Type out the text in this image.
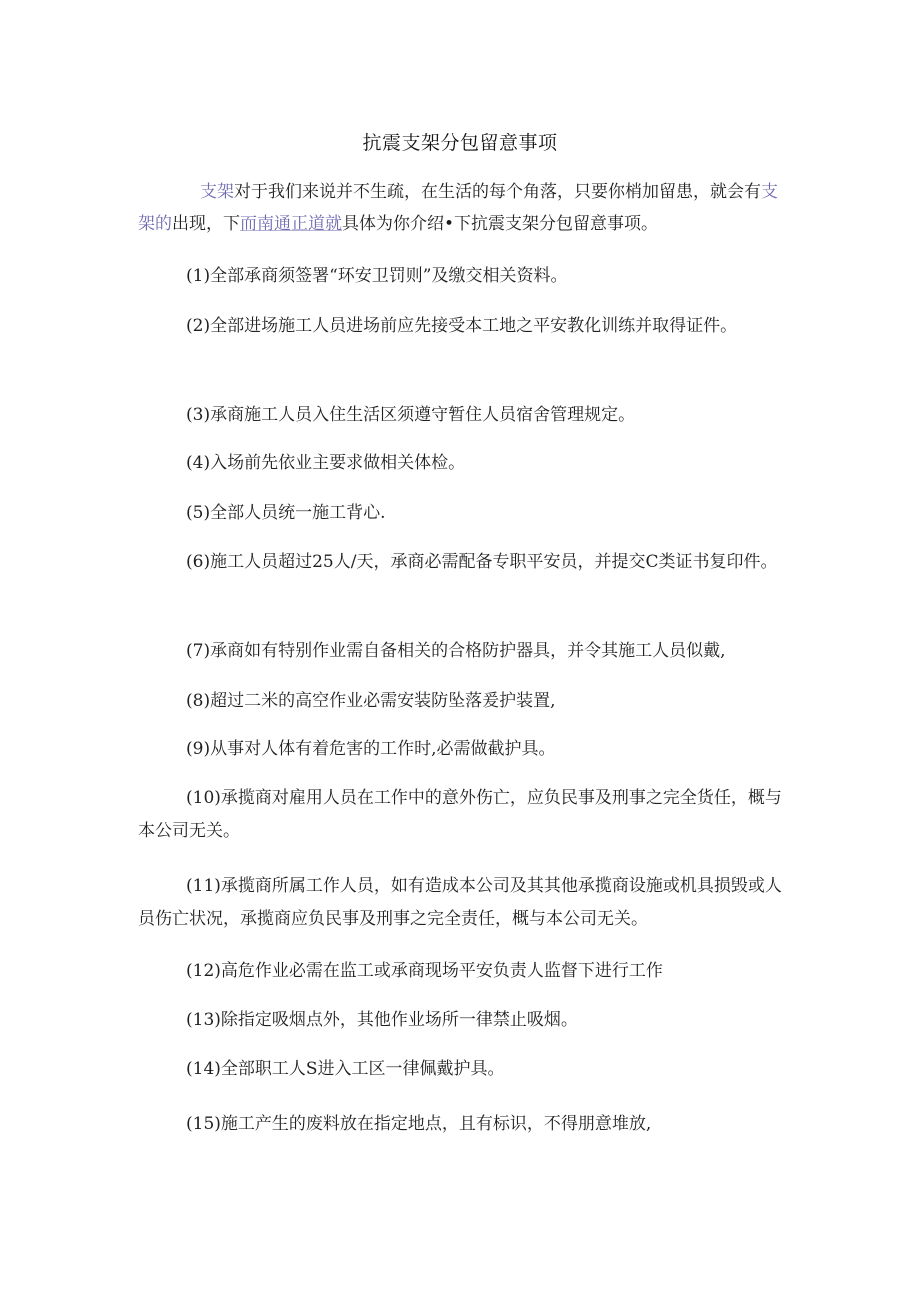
抗震支架分包留意事项

支架对于我们来说并不生疏，在生活的每个角落，只要你梢加留患，就会有支架的出现，下而南通正道就具体为你介绍•下抗震支架分包留意事项。

(1)全部承商须签署“环安卫罚则”及缴交相关资料。

(2)全部进场施工人员进场前应先接受本工地之平安教化训练并取得证件。

(3)承商施工人员入住生活区须遵守暂住人员宿舍管理规定。

(4)入场前先依业主要求做相关体检。

(5)全部人员统一施工背心.

(6)施工人员超过25人/天，承商必需配备专职平安员，并提交C类证书复印件。

(7)承商如有特别作业需自备相关的合格防护器具，并令其施工人员似戴,

(8)超过二米的高空作业必需安装防坠落爰护装置,

(9)从事对人体有着危害的工作时,必需做截护具。

(10)承揽商对雇用人员在工作中的意外伤亡，应负民事及刑事之完全货任，概与本公司无关。

(11)承揽商所属工作人员，如有造成本公司及其其他承揽商设施或机具损毁或人员伤亡状况，承揽商应负民事及刑事之完全责任，概与本公司无关。

(12)高危作业必需在监工或承商现场平安负责人监督下进行工作

(13)除指定吸烟点外，其他作业场所一律禁止吸烟。

(14)全部职工人S进入工区一律佩戴护具。

(15)施工产生的废料放在指定地点，且有标识，不得朋意堆放,
